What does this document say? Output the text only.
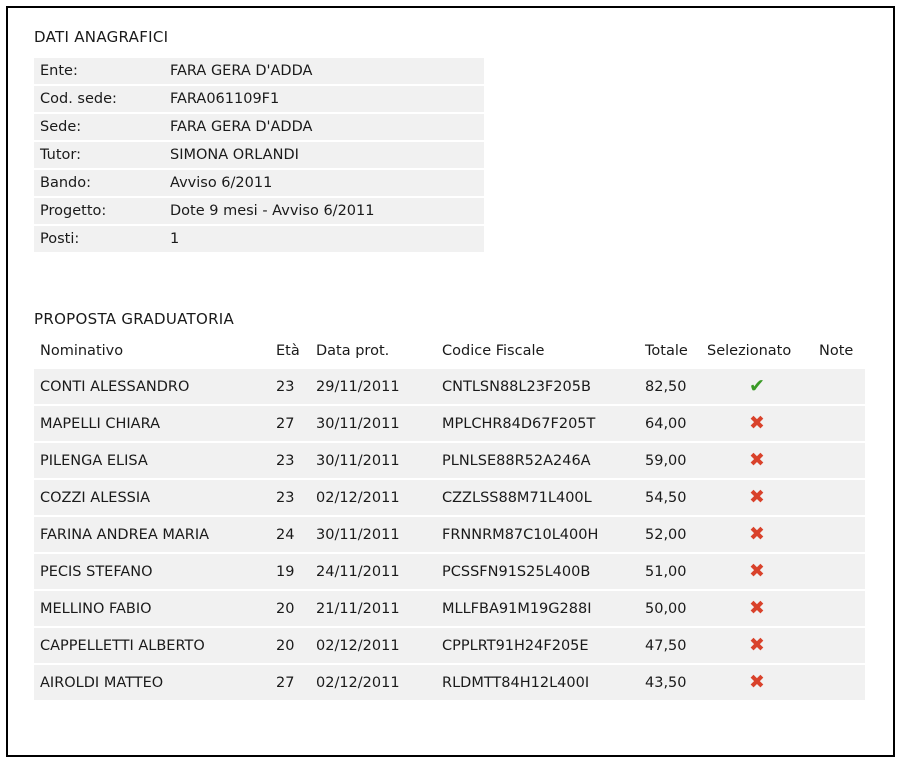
DATI ANAGRAFICI
Ente:	FARA GERA D'ADDA
Cod. sede:	FARA061109F1
Sede:	FARA GERA D'ADDA
Tutor:	SIMONA ORLANDI
Bando:	Avviso 6/2011
Progetto:	Dote 9 mesi - Avviso 6/2011
Posti:	1
PROPOSTA GRADUATORIA
Nominativo	Età	Data prot.	Codice Fiscale	Totale	Selezionato	Note
CONTI ALESSANDRO	23	29/11/2011	CNTLSN88L23F205B	82,50	✔	
MAPELLI CHIARA	27	30/11/2011	MPLCHR84D67F205T	64,00	✖	
PILENGA ELISA	23	30/11/2011	PLNLSE88R52A246A	59,00	✖	
COZZI ALESSIA	23	02/12/2011	CZZLSS88M71L400L	54,50	✖	
FARINA ANDREA MARIA	24	30/11/2011	FRNNRM87C10L400H	52,00	✖	
PECIS STEFANO	19	24/11/2011	PCSSFN91S25L400B	51,00	✖	
MELLINO FABIO	20	21/11/2011	MLLFBA91M19G288I	50,00	✖	
CAPPELLETTI ALBERTO	20	02/12/2011	CPPLRT91H24F205E	47,50	✖	
AIROLDI MATTEO	27	02/12/2011	RLDMTT84H12L400I	43,50	✖	
